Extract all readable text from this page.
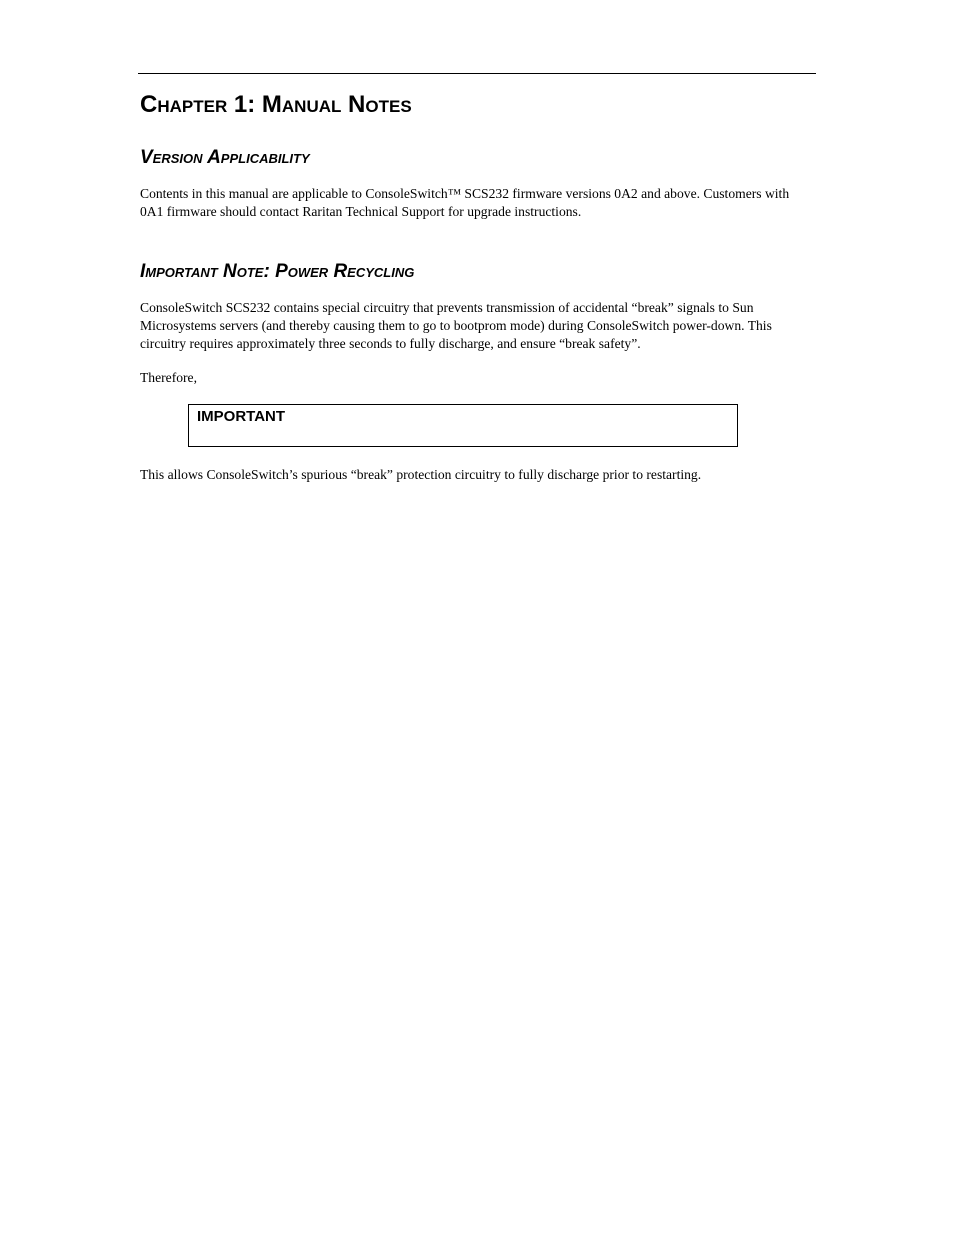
Chapter 1: Manual Notes
Version Applicability
Contents in this manual are applicable to ConsoleSwitch™ SCS232 firmware versions 0A2 and above. Customers with 0A1 firmware should contact Raritan Technical Support for upgrade instructions.
Important Note: Power Recycling
ConsoleSwitch SCS232 contains special circuitry that prevents transmission of accidental “break” signals to Sun Microsystems servers (and thereby causing them to go to bootprom mode) during ConsoleSwitch power-down. This circuitry requires approximately three seconds to fully discharge, and ensure “break safety”.
Therefore,
IMPORTANT
This allows ConsoleSwitch’s spurious “break” protection circuitry to fully discharge prior to restarting.
